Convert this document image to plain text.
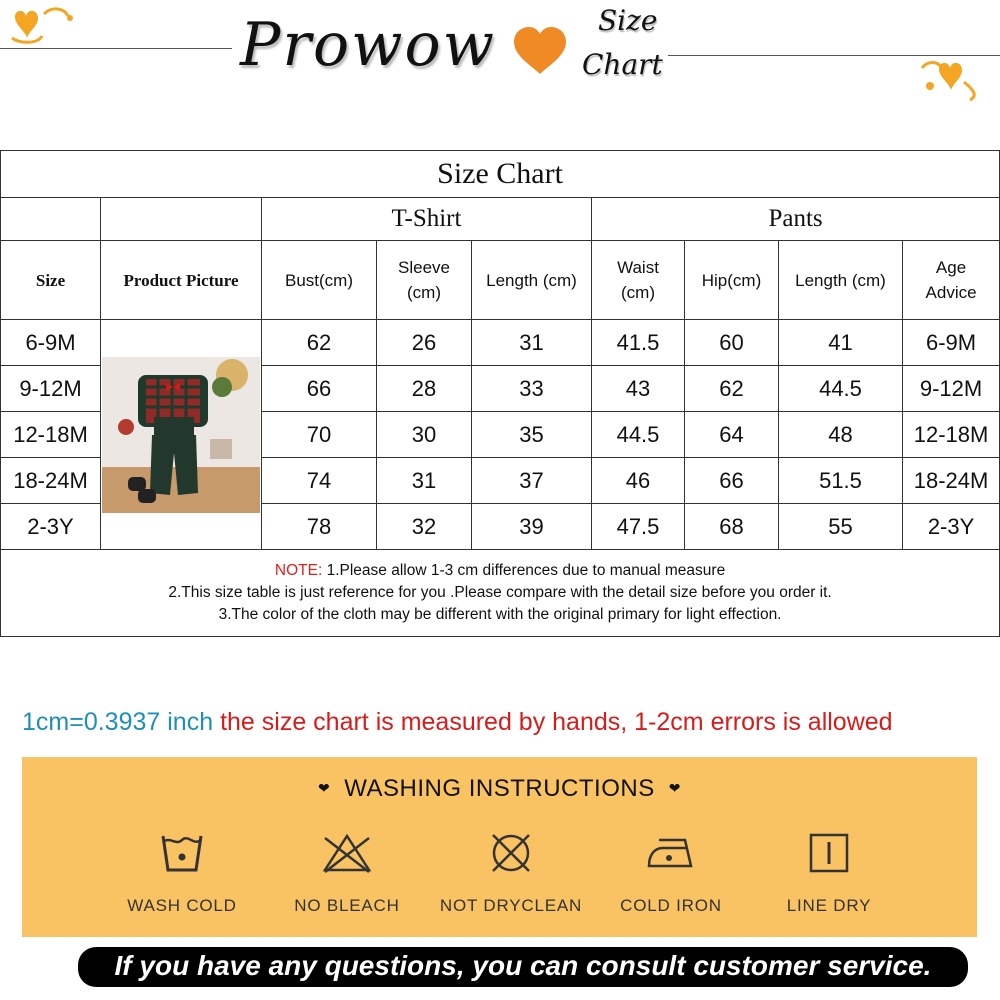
Prowow	Size
Chart
Size Chart								
		T-Shirt			Pants			
Size	Product Picture	Bust(cm)	Sleeve (cm)	Length (cm)	Waist (cm)	Hip(cm)	Length (cm)	Age Advice

6-9M		62	26	31	41.5	60	41	6-9M
9-12M		66	28	33	43	62	44.5	9-12M
12-18M		70	30	35	44.5	64	48	12-18M
18-24M		74	31	37	46	66	51.5	18-24M
2-3Y		78	32	39	47.5	68	55	2-3Y

NOTE: 1.Please allow 1-3 cm differences due to manual measure
2.This size table is just reference for you .Please compare with the detail size before you order it.
3.The color of the cloth may be different with the original primary for light effection.								
1cm=0.3937 inch the size chart is measured by hands, 1-2cm errors is allowed
❤ WASHING INSTRUCTIONS ❤
WASH COLD	NO BLEACH	NOT DRYCLEAN	COLD IRON	LINE DRY
If you have any questions, you can consult customer service.
